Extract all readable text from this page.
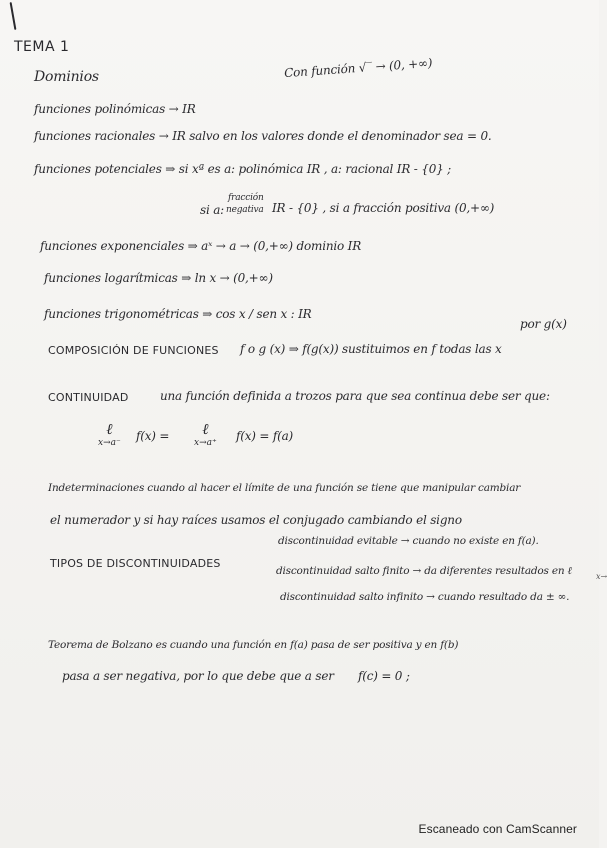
TEMA 1
Dominios	Con función √‾ → (0, +∞)
funciones polinómicas → IR
funciones racionales → IR salvo en los valores donde el denominador sea = 0.
funciones potenciales ⇒ si xª es a: polinómica IR , a: racional IR - {0} ;
si a:
fracción
negativa IR - {0} , si a fracción positiva (0,+∞)
funciones exponenciales ⇒ aˣ → a → (0,+∞) dominio IR
funciones logarítmicas ⇒ ln x → (0,+∞)
funciones trigonométricas ⇒ cos x / sen x : IR
por g(x)
COMPOSICIÓN DE FUNCIONES f o g (x) ⇒ f(g(x)) sustituimos en f todas las x
CONTINUIDAD	una función definida a trozos para que sea continua debe ser que:
ℓ
x→a⁻ f(x) =	ℓ
x→a⁺ f(x) = f(a)
Indeterminaciones cuando al hacer el límite de una función se tiene que manipular cambiar
el numerador y si hay raíces usamos el conjugado cambiando el signo
TIPOS DE DISCONTINUIDADES
discontinuidad evitable → cuando no existe en f(a).
discontinuidad salto finito → da diferentes resultados en ℓ	x→
discontinuidad salto infinito → cuando resultado da ± ∞.
Teorema de Bolzano es cuando una función en f(a) pasa de ser positiva y en f(b)
pasa a ser negativa, por lo que debe que a ser f(c) = 0 ;
Escaneado con CamScanner
